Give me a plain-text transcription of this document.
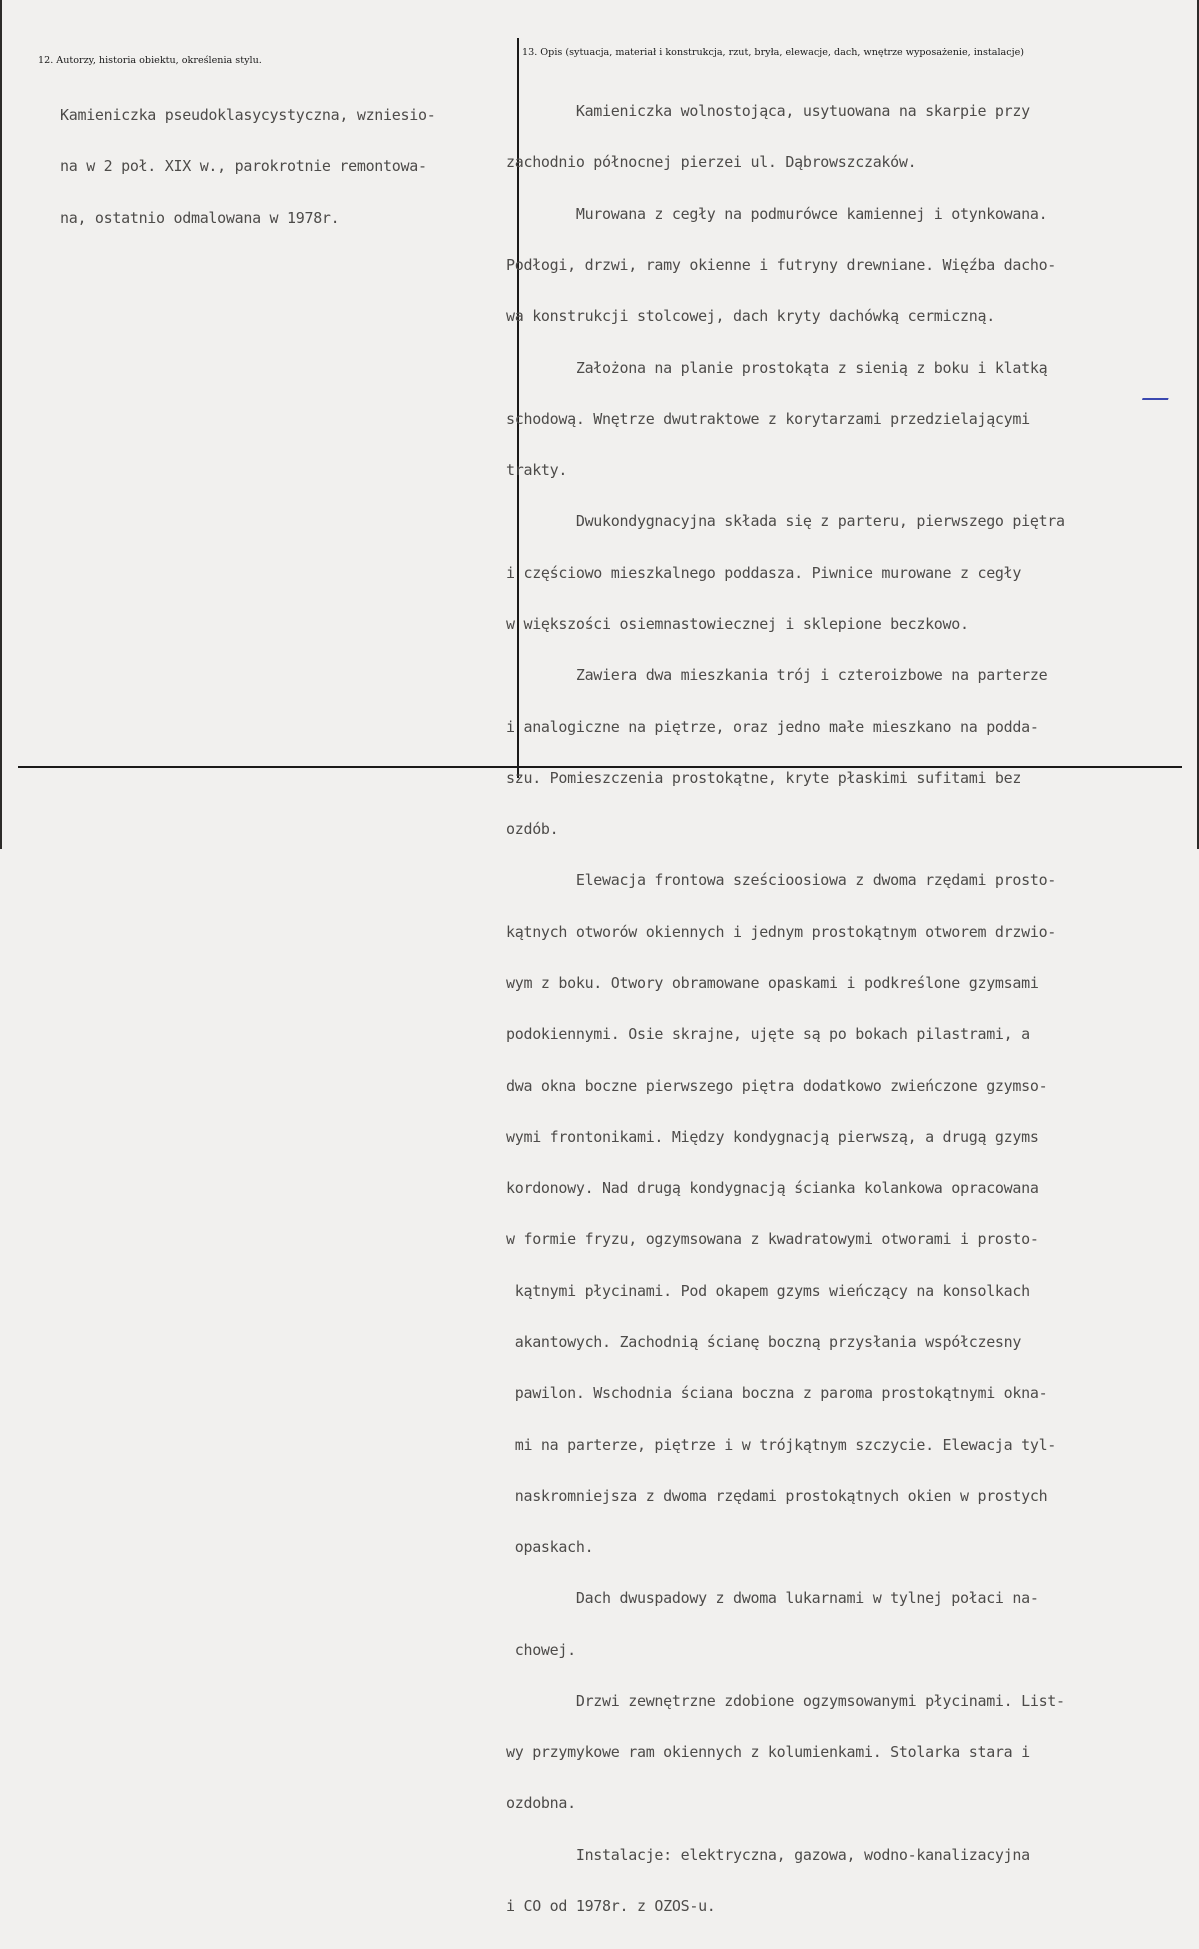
12. Autorzy, historia obiektu, określenia stylu.

Kamieniczka pseudoklasycystyczna, wzniesio-

na w 2 poł. XIX w., parokrotnie remontowa-

na, ostatnio odmalowana w 1978r.

13. Opis (sytuacja, materiał i konstrukcja, rzut, bryła, elewacje, dach, wnętrze wyposażenie, instalacje)

Kamieniczka wolnostojąca, usytuowana na skarpie przy

zachodnio północnej pierzei ul. Dąbrowszczaków.

Murowana z cegły na podmurówce kamiennej i otynkowana.

Podłogi, drzwi, ramy okienne i futryny drewniane. Więźba dacho-

wa konstrukcji stolcowej, dach kryty dachówką cermiczną.

Założona na planie prostokąta z sienią z boku i klatką

schodową. Wnętrze dwutraktowe z korytarzami przedzielającymi

trakty.

Dwukondygnacyjna składa się z parteru, pierwszego piętra

i częściowo mieszkalnego poddasza. Piwnice murowane z cegły

w większości osiemnastowiecznej i sklepione beczkowo.

Zawiera dwa mieszkania trój i czteroizbowe na parterze

i analogiczne na piętrze, oraz jedno małe mieszkano na podda-

szu. Pomieszczenia prostokątne, kryte płaskimi sufitami bez

ozdób.

Elewacja frontowa sześcioosiowa z dwoma rzędami prosto-

kątnych otworów okiennych i jednym prostokątnym otworem drzwio-

wym z boku. Otwory obramowane opaskami i podkreślone gzymsami

podokiennymi. Osie skrajne, ujęte są po bokach pilastrami, a

dwa okna boczne pierwszego piętra dodatkowo zwieńczone gzymso-

wymi frontonikami. Między kondygnacją pierwszą, a drugą gzyms

kordonowy. Nad drugą kondygnacją ścianka kolankowa opracowana

w formie fryzu, ogzymsowana z kwadratowymi otworami i prosto-

kątnymi płycinami. Pod okapem gzyms wieńczący na konsolkach

akantowych. Zachodnią ścianę boczną przysłania współczesny

pawilon. Wschodnia ściana boczna z paroma prostokątnymi okna-

mi na parterze, piętrze i w trójkątnym szczycie. Elewacja tyl-

naskromniejsza z dwoma rzędami prostokątnych okien w prostych

opaskach.

Dach dwuspadowy z dwoma lukarnami w tylnej połaci na-

chowej.

Drzwi zewnętrzne zdobione ogzymsowanymi płycinami. List-

wy przymykowe ram okiennych z kolumienkami. Stolarka stara i

ozdobna.

Instalacje: elektryczna, gazowa, wodno-kanalizacyjna

i CO od 1978r. z OZOS-u.
